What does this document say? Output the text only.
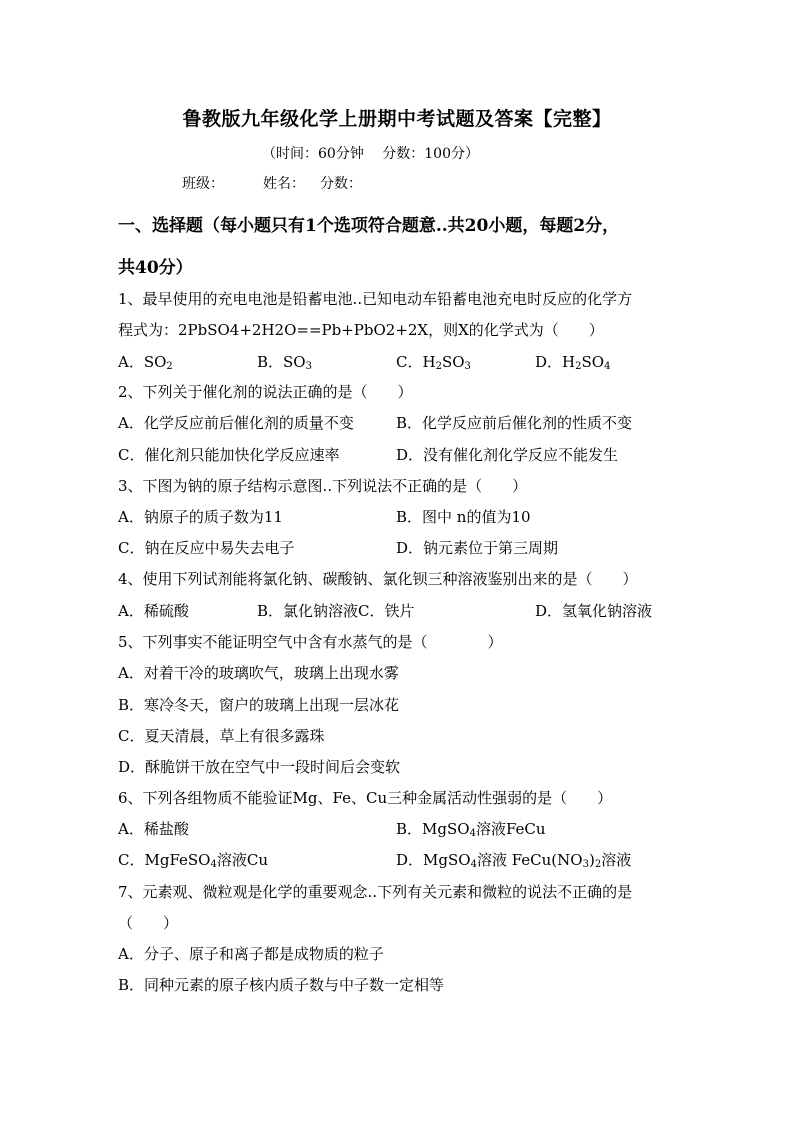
鲁教版九年级化学上册期中考试题及答案【完整】
（时间：60分钟　 分数：100分）
班级：	姓名： 分数：
一、选择题（每小题只有1个选项符合题意..共20小题，每题2分，
共40分）
1、最早使用的充电电池是铅蓄电池..已知电动车铅蓄电池充电时反应的化学方
程式为：2PbSO4+2H2O==Pb+PbO2+2X，则X的化学式为（　　）
A．$SO_2$	B．$SO_3$	C．$H_2SO_3$	D．$H_2SO_4$
2、下列关于催化剂的说法正确的是（　　）
A．化学反应前后催化剂的质量不变	B．化学反应前后催化剂的性质不变
C．催化剂只能加快化学反应速率	D．没有催化剂化学反应不能发生
3、下图为钠的原子结构示意图..下列说法不正确的是（　　）
A．钠原子的质子数为11	B．图中 n的值为10
C．钠在反应中易失去电子	D．钠元素位于第三周期
4、使用下列试剂能将氯化钠、碳酸钠、氯化钡三种溶液鉴别出来的是（　　）
A．稀硫酸	B．氯化钠溶液C．铁片	D．氢氧化钠溶液
5、下列事实不能证明空气中含有水蒸气的是（　　　　）
A．对着干冷的玻璃吹气，玻璃上出现水雾
B．寒冷冬天，窗户的玻璃上出现一层冰花
C．夏天清晨，草上有很多露珠
D．酥脆饼干放在空气中一段时间后会变软
6、下列各组物质不能验证Mg、Fe、Cu三种金属活动性强弱的是（　　）
A．稀盐酸	B．MgSO$_4$溶液FeCu
C．MgFeSO$_4$溶液Cu	D．MgSO$_4$溶液 $FeCu(NO_3)_2$溶液
7、元素观、微粒观是化学的重要观念..下列有关元素和微粒的说法不正确的是
（　　）
A．分子、原子和离子都是成物质的粒子
B．同种元素的原子核内质子数与中子数一定相等
